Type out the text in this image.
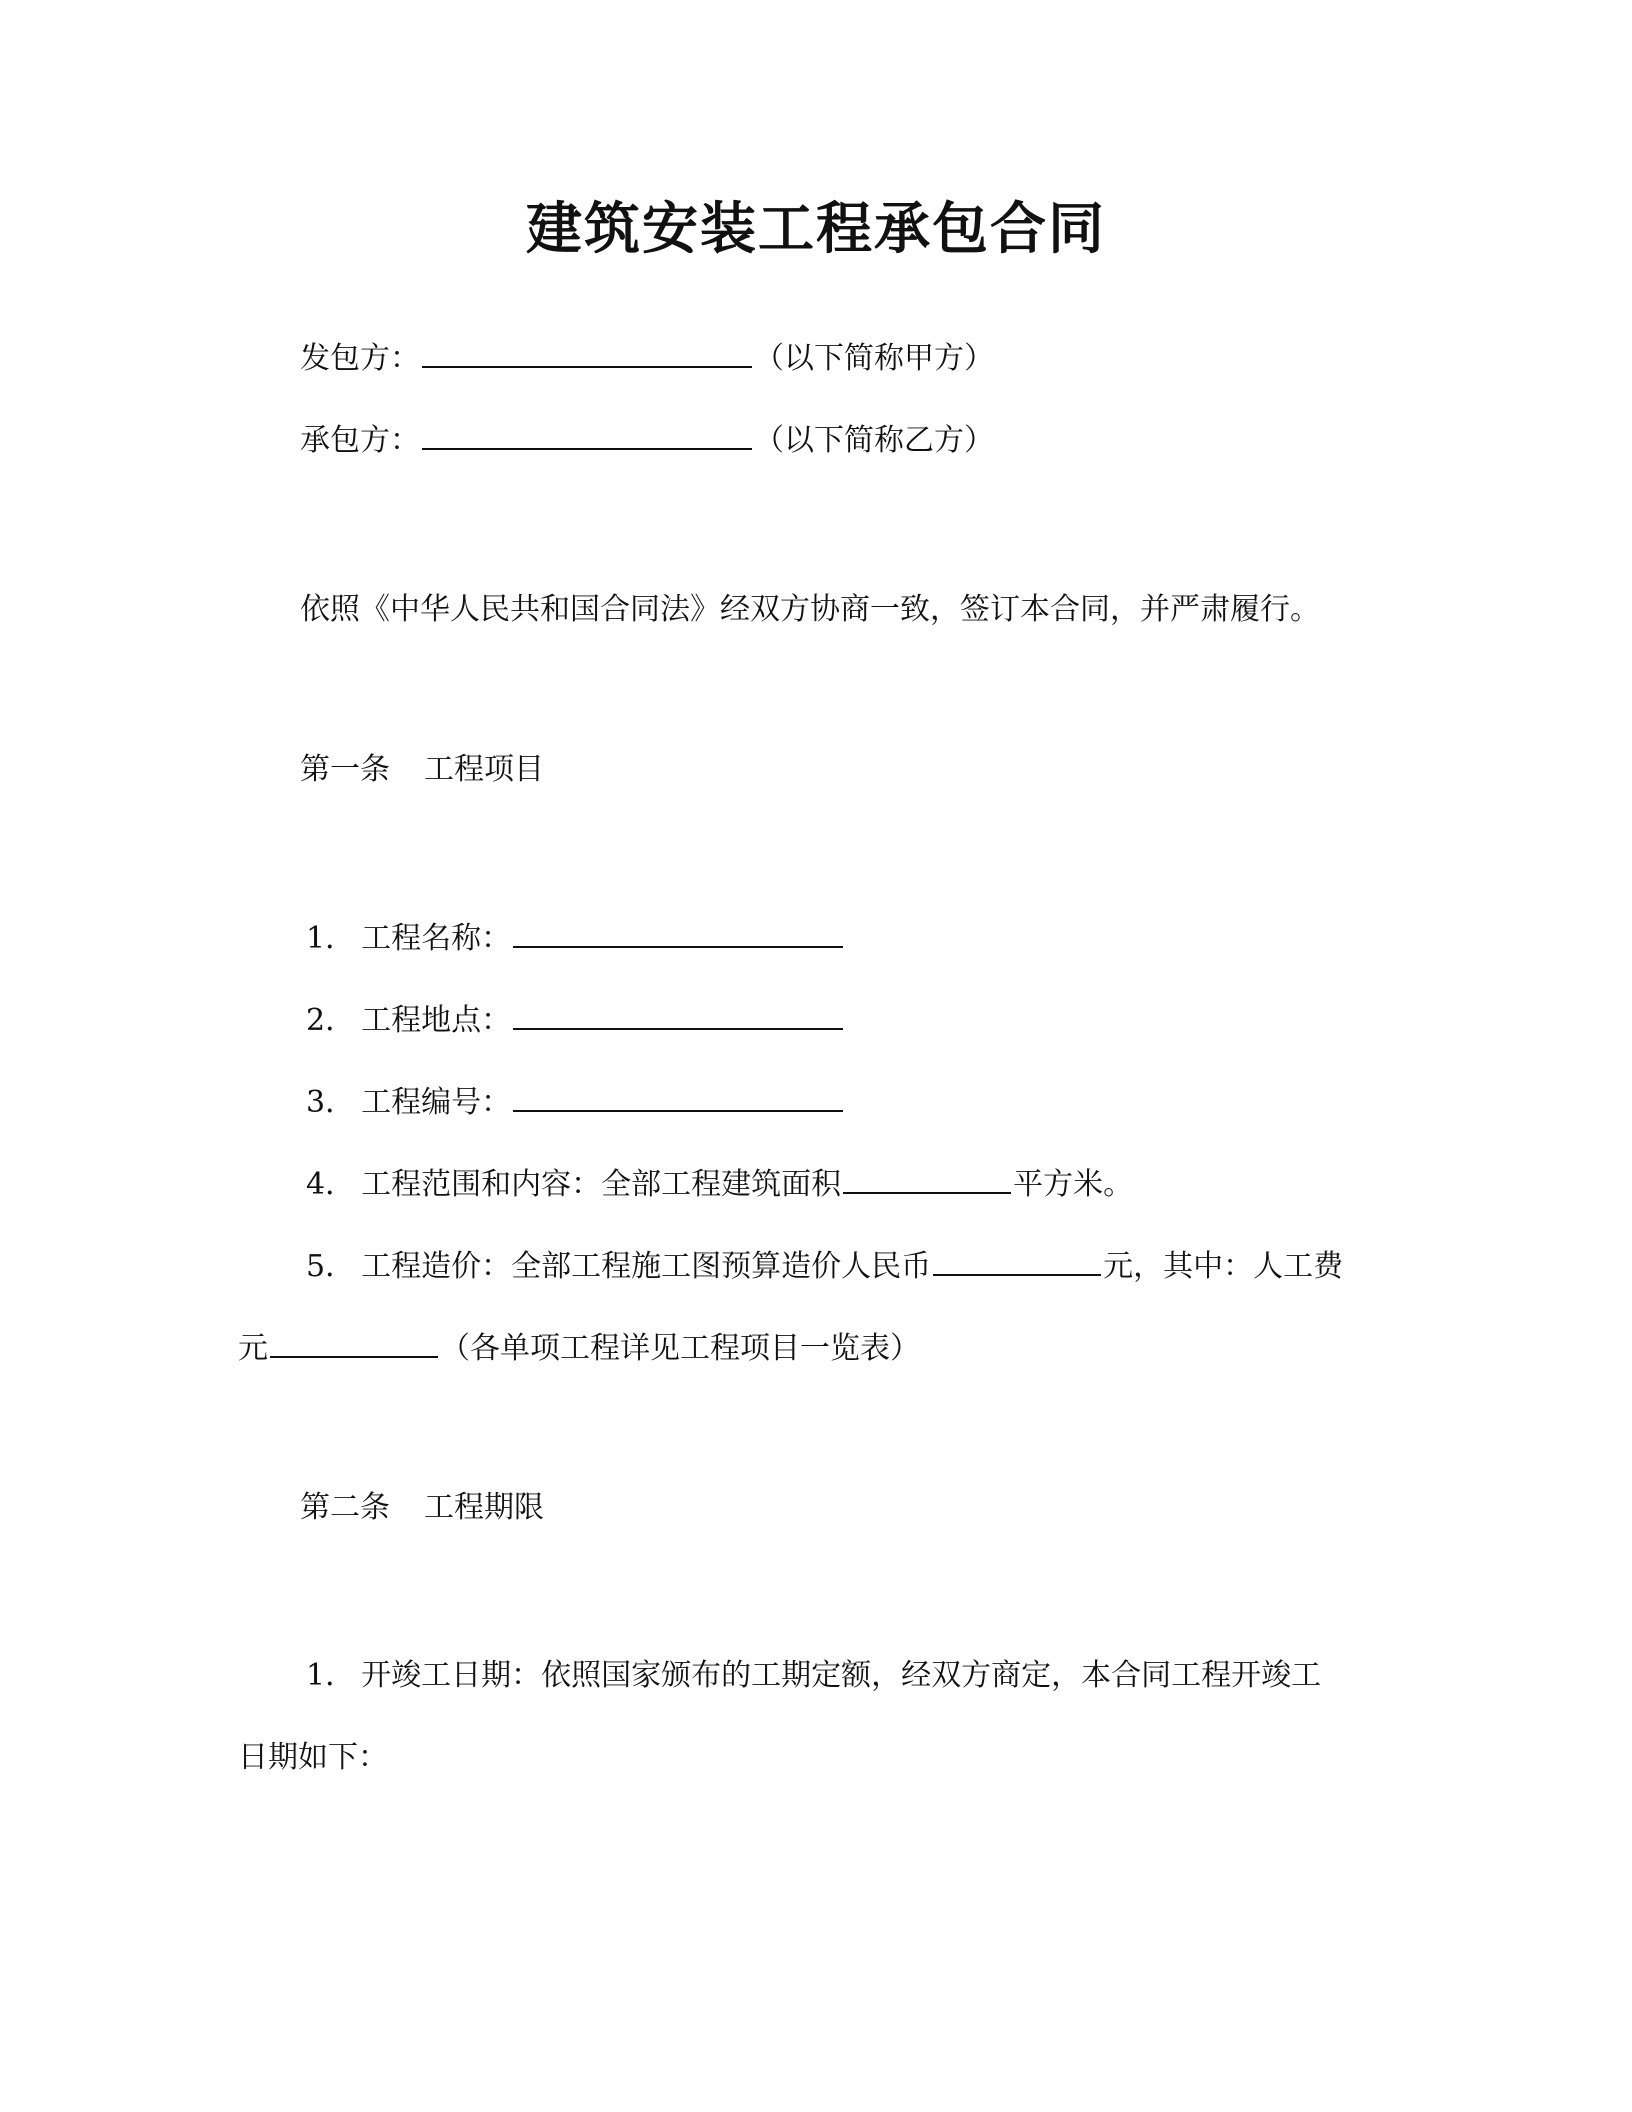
建筑安装工程承包合同
发包方：	（以下简称甲方）
承包方：	（以下简称乙方）
依照《中华人民共和国合同法》经双方协商一致，签订本合同，并严肃履行。
第一条 工程项目
1． 工程名称：
2． 工程地点：
3． 工程编号：
4． 工程范围和内容：全部工程建筑面积	平方米。
5． 工程造价：全部工程施工图预算造价人民币	元，其中：人工费
元	（各单项工程详见工程项目一览表）
第二条 工程期限
1． 开竣工日期：依照国家颁布的工期定额，经双方商定，本合同工程开竣工
日期如下：
